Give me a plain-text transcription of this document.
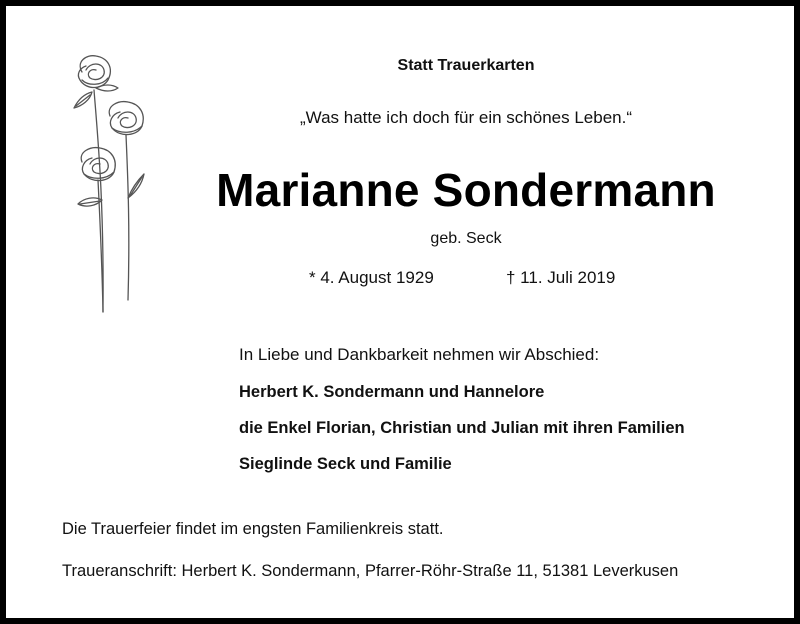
Statt Trauerkarten
„Was hatte ich doch für ein schönes Leben.“
Marianne Sondermann
geb. Seck
* 4. August 1929	† 11. Juli 2019
In Liebe und Dankbarkeit nehmen wir Abschied:
Herbert K. Sondermann und Hannelore
die Enkel Florian, Christian und Julian mit ihren Familien
Sieglinde Seck und Familie
Die Trauerfeier findet im engsten Familienkreis statt.
Traueranschrift: Herbert K. Sondermann, Pfarrer-Röhr-Straße 11, 51381 Leverkusen
